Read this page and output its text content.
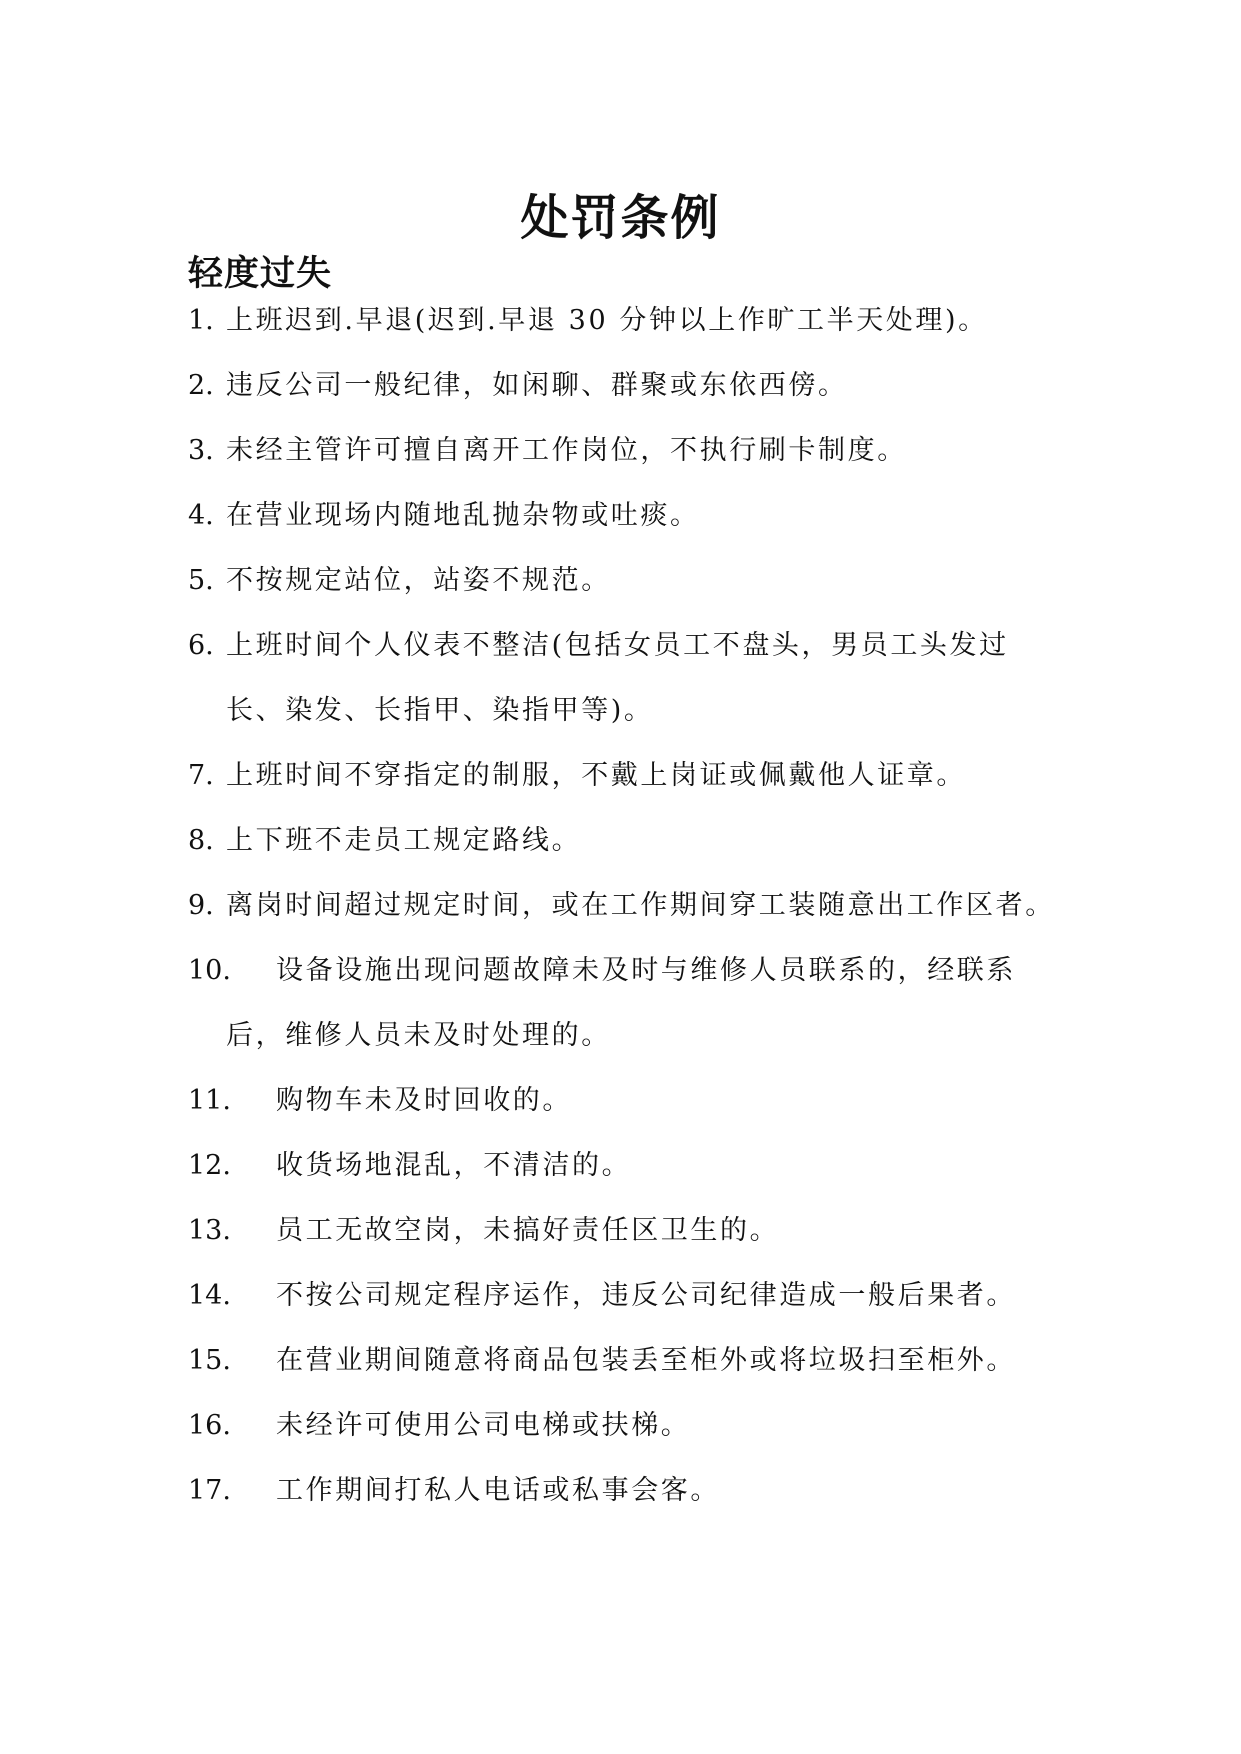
处罚条例
轻度过失
1. 上班迟到.早退(迟到.早退 30 分钟以上作旷工半天处理)。
2. 违反公司一般纪律，如闲聊、群聚或东依西傍。
3. 未经主管许可擅自离开工作岗位，不执行刷卡制度。
4. 在营业现场内随地乱抛杂物或吐痰。
5. 不按规定站位，站姿不规范。
6. 上班时间个人仪表不整洁(包括女员工不盘头，男员工头发过长、染发、长指甲、染指甲等)。
7. 上班时间不穿指定的制服，不戴上岗证或佩戴他人证章。
8. 上下班不走员工规定路线。
9. 离岗时间超过规定时间，或在工作期间穿工装随意出工作区者。
10. 设备设施出现问题故障未及时与维修人员联系的，经联系后，维修人员未及时处理的。
11. 购物车未及时回收的。
12. 收货场地混乱，不清洁的。
13. 员工无故空岗，未搞好责任区卫生的。
14. 不按公司规定程序运作，违反公司纪律造成一般后果者。
15. 在营业期间随意将商品包装丢至柜外或将垃圾扫至柜外。
16. 未经许可使用公司电梯或扶梯。
17. 工作期间打私人电话或私事会客。
